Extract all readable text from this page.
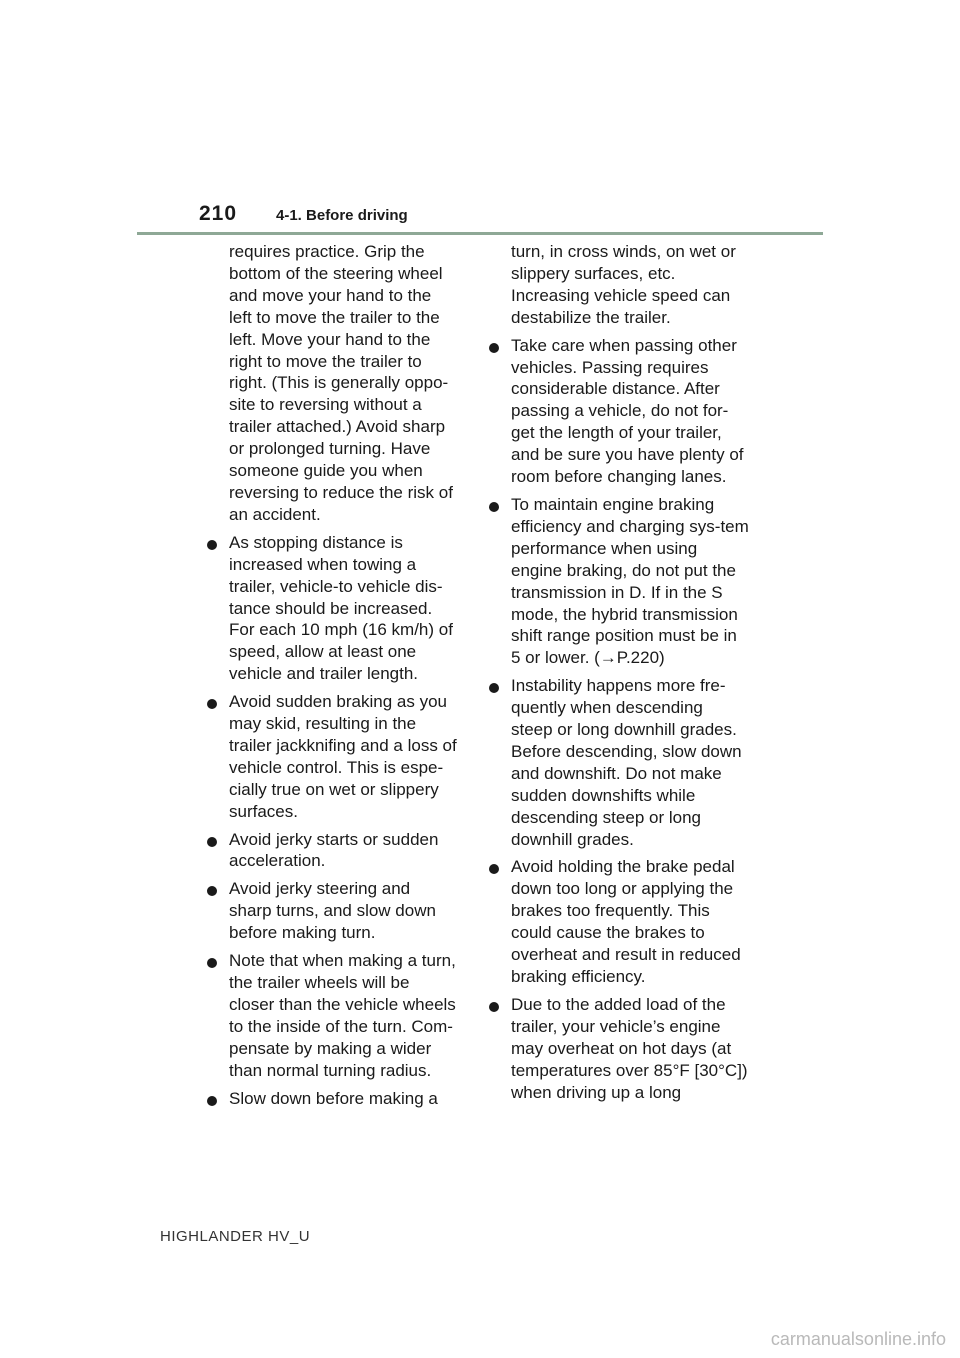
210	4-1. Before driving

requires practice. Grip the bottom of the steering wheel and move your hand to the left to move the trailer to the left. Move your hand to the right to move the trailer to right. (This is generally oppo-site to reversing without a trailer attached.) Avoid sharp or prolonged turning. Have someone guide you when reversing to reduce the risk of an accident.

As stopping distance is increased when towing a trailer, vehicle-to vehicle dis-tance should be increased. For each 10 mph (16 km/h) of speed, allow at least one vehicle and trailer length.
Avoid sudden braking as you may skid, resulting in the trailer jackknifing and a loss of vehicle control. This is espe-cially true on wet or slippery surfaces.
Avoid jerky starts or sudden acceleration.
Avoid jerky steering and sharp turns, and slow down before making turn.
Note that when making a turn, the trailer wheels will be closer than the vehicle wheels to the inside of the turn. Com-pensate by making a wider than normal turning radius.
Slow down before making a

turn, in cross winds, on wet or slippery surfaces, etc. Increasing vehicle speed can destabilize the trailer.

Take care when passing other vehicles. Passing requires considerable distance. After passing a vehicle, do not for-get the length of your trailer, and be sure you have plenty of room before changing lanes.
To maintain engine braking efficiency and charging sys-tem performance when using engine braking, do not put the transmission in D. If in the S mode, the hybrid transmission shift range position must be in 5 or lower. (→P.220)
Instability happens more fre-quently when descending steep or long downhill grades. Before descending, slow down and downshift. Do not make sudden downshifts while descending steep or long downhill grades.
Avoid holding the brake pedal down too long or applying the brakes too frequently. This could cause the brakes to overheat and result in reduced braking efficiency.
Due to the added load of the trailer, your vehicle’s engine may overheat on hot days (at temperatures over 85°F [30°C]) when driving up a long
HIGHLANDER HV_U
carmanualsonline.info
